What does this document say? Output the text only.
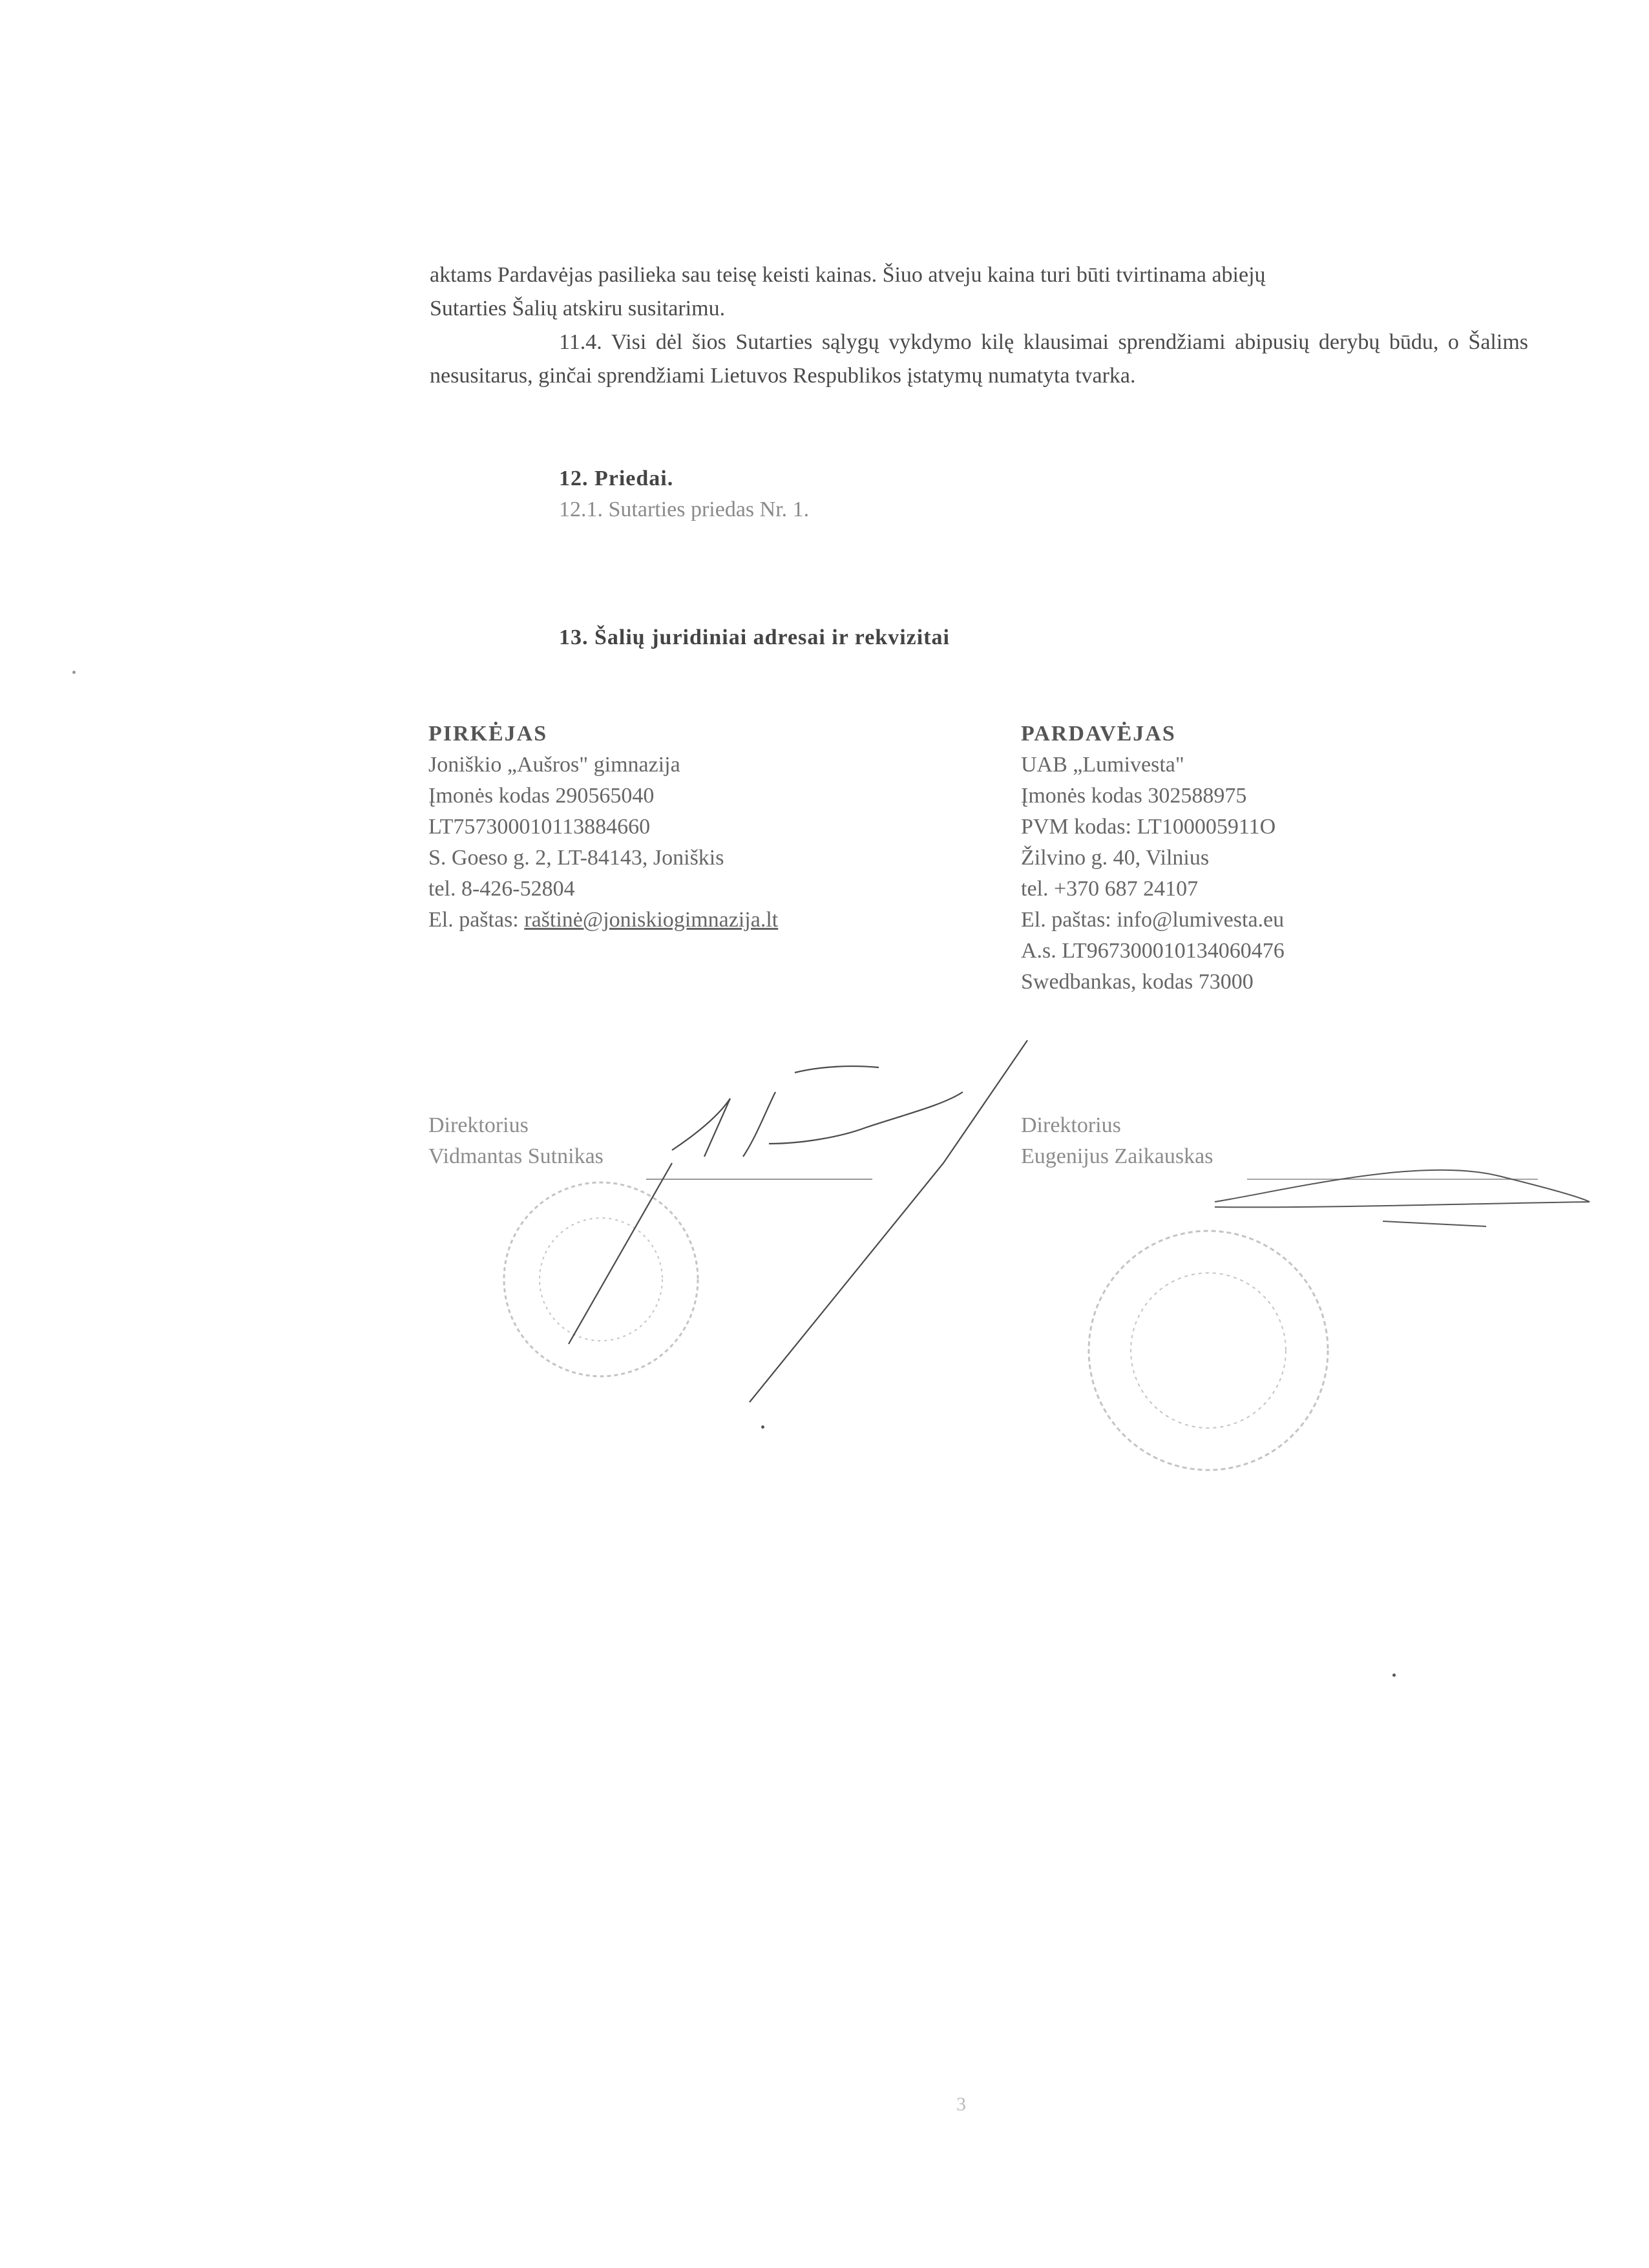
aktams Pardavėjas pasilieka sau teisę keisti kainas. Šiuo atveju kaina turi būti tvirtinama abiejų
Sutarties Šalių atskiru susitarimu.
11.4. Visi dėl šios Sutarties sąlygų vykdymo kilę klausimai sprendžiami abipusių derybų būdu, o Šalims nesusitarus, ginčai sprendžiami Lietuvos Respublikos įstatymų numatyta tvarka.
12. Priedai.
12.1. Sutarties priedas Nr. 1.
13. Šalių juridiniai adresai ir rekvizitai
PIRKĖJAS
Joniškio „Aušros" gimnazija
Įmonės kodas 290565040
LT757300010113884660
S. Goeso g. 2, LT-84143, Joniškis
tel. 8-426-52804
El. paštas: raštinė@joniskiogimnazija.lt
PARDAVĖJAS
UAB „Lumivesta"
Įmonės kodas 302588975
PVM kodas: LT100005911O
Žilvino g. 40, Vilnius
tel. +370 687 24107
El. paštas: info@lumivesta.eu
A.s. LT967300010134060476
Swedbankas, kodas 73000
Direktorius
Vidmantas Sutnikas
Direktorius
Eugenijus Zaikauskas
3
